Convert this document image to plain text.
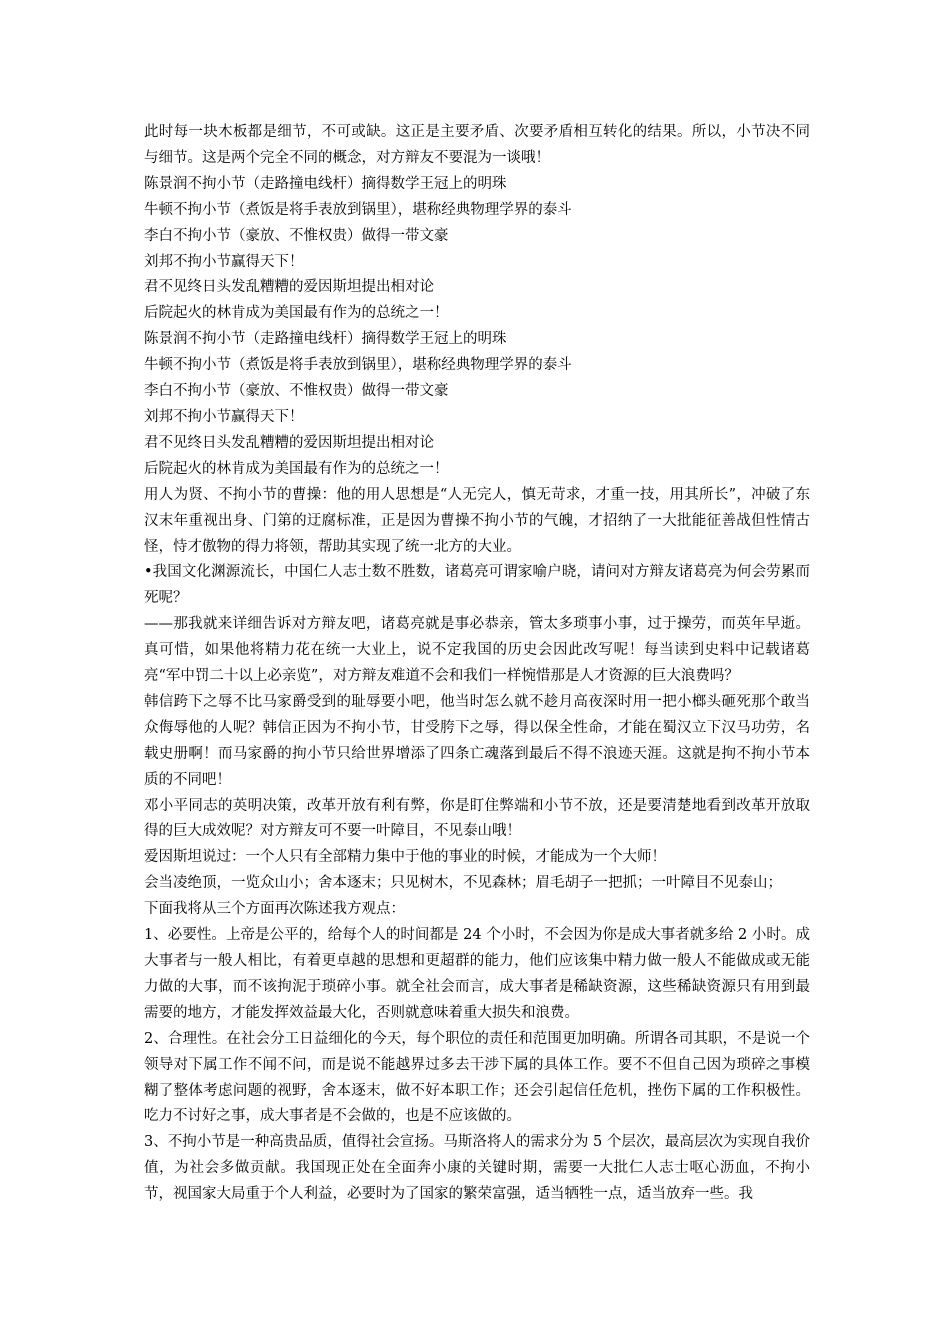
此时每一块木板都是细节，不可或缺。这正是主要矛盾、次要矛盾相互转化的结果。所以，小节决不同与细节。这是两个完全不同的概念，对方辩友不要混为一谈哦！

陈景润不拘小节（走路撞电线杆）摘得数学王冠上的明珠

牛顿不拘小节（煮饭是将手表放到锅里），堪称经典物理学界的泰斗

李白不拘小节（豪放、不惟权贵）做得一带文豪

刘邦不拘小节赢得天下！

君不见终日头发乱糟糟的爱因斯坦提出相对论

后院起火的林肯成为美国最有作为的总统之一！

陈景润不拘小节（走路撞电线杆）摘得数学王冠上的明珠

牛顿不拘小节（煮饭是将手表放到锅里），堪称经典物理学界的泰斗

李白不拘小节（豪放、不惟权贵）做得一带文豪

刘邦不拘小节赢得天下！

君不见终日头发乱糟糟的爱因斯坦提出相对论

后院起火的林肯成为美国最有作为的总统之一！

用人为贤、不拘小节的曹操：他的用人思想是“人无完人，慎无苛求，才重一技，用其所长”，冲破了东汉末年重视出身、门第的迂腐标准，正是因为曹操不拘小节的气魄，才招纳了一大批能征善战但性情古怪，恃才傲物的得力将领，帮助其实现了统一北方的大业。

•我国文化渊源流长，中国仁人志士数不胜数，诸葛亮可谓家喻户晓，请问对方辩友诸葛亮为何会劳累而死呢？

——那我就来详细告诉对方辩友吧，诸葛亮就是事必恭亲，管太多琐事小事，过于操劳，而英年早逝。真可惜，如果他将精力花在统一大业上，说不定我国的历史会因此改写呢！每当读到史料中记载诸葛亮“军中罚二十以上必亲览”，对方辩友难道不会和我们一样惋惜那是人才资源的巨大浪费吗？

韩信跨下之辱不比马家爵受到的耻辱要小吧，他当时怎么就不趁月高夜深时用一把小榔头砸死那个敢当众侮辱他的人呢？韩信正因为不拘小节，甘受胯下之辱，得以保全性命，才能在蜀汉立下汉马功劳，名载史册啊！而马家爵的拘小节只给世界增添了四条亡魂落到最后不得不浪迹天涯。这就是拘不拘小节本质的不同吧！

邓小平同志的英明决策，改革开放有利有弊，你是盯住弊端和小节不放，还是要清楚地看到改革开放取得的巨大成效呢？对方辩友可不要一叶障目，不见泰山哦！

爱因斯坦说过：一个人只有全部精力集中于他的事业的时候，才能成为一个大师！

会当凌绝顶，一览众山小；舍本逐末；只见树木，不见森林；眉毛胡子一把抓；一叶障目不见泰山；

下面我将从三个方面再次陈述我方观点：

1、必要性。上帝是公平的，给每个人的时间都是 24 个小时，不会因为你是成大事者就多给 2 小时。成大事者与一般人相比，有着更卓越的思想和更超群的能力，他们应该集中精力做一般人不能做成或无能力做的大事，而不该拘泥于琐碎小事。就全社会而言，成大事者是稀缺资源，这些稀缺资源只有用到最需要的地方，才能发挥效益最大化，否则就意味着重大损失和浪费。

2、合理性。在社会分工日益细化的今天，每个职位的责任和范围更加明确。所谓各司其职，不是说一个领导对下属工作不闻不问，而是说不能越界过多去干涉下属的具体工作。要不不但自己因为琐碎之事模糊了整体考虑问题的视野，舍本逐末，做不好本职工作；还会引起信任危机，挫伤下属的工作积极性。吃力不讨好之事，成大事者是不会做的，也是不应该做的。

3、不拘小节是一种高贵品质，值得社会宣扬。马斯洛将人的需求分为 5 个层次，最高层次为实现自我价值，为社会多做贡献。我国现正处在全面奔小康的关键时期，需要一大批仁人志士呕心沥血，不拘小节，视国家大局重于个人利益，必要时为了国家的繁荣富强，适当牺牲一点，适当放弃一些。我
